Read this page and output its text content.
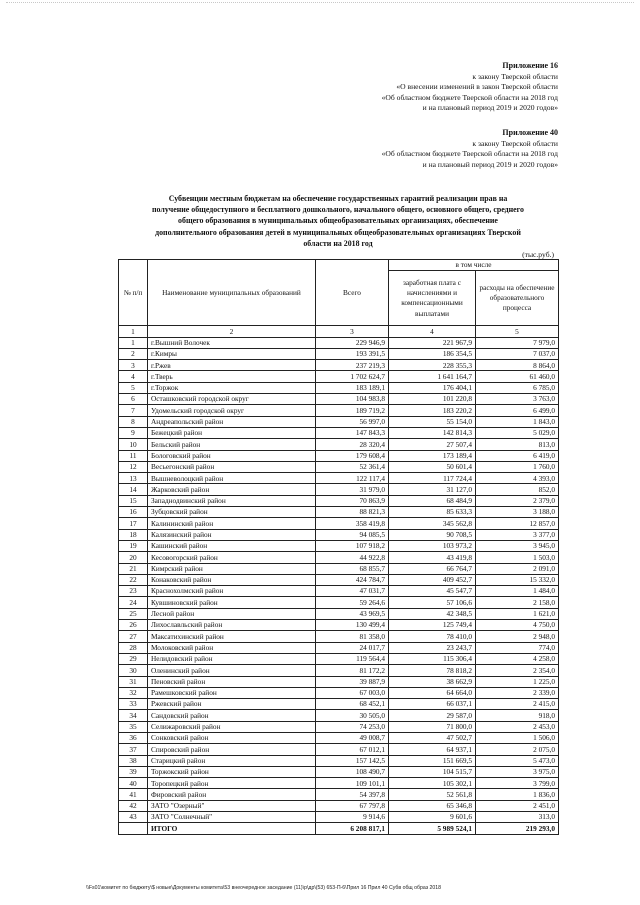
Приложение 16
к закону Тверской области
«О внесении изменений в закон Тверской области
«Об областном бюджете Тверской области на 2018 год
и на плановый период 2019 и 2020 годов»
Приложение 40
к закону Тверской области
«Об областном бюджете Тверской области на 2018 год
и на плановый период 2019 и 2020 годов»
Субвенции местным бюджетам на обеспечение государственных гарантий реализации прав на
получение общедоступного и бесплатного дошкольного, начального общего, основного общего, среднего
общего образования в муниципальных общеобразовательных организациях, обеспечение
дополнительного образования детей в муниципальных общеобразовательных организациях Тверской
области на 2018 год
(тыс.руб.)
№ п/п	Наименование муниципальных образований	Всего	в том числе	
			заработная плата с начислениями и компенсационными выплатами	расходы на обеспечение образовательного процесса
1	2	3	4	5
1	г.Вышний Волочек	229 946,9	221 967,9	7 979,0
2	г.Кимры	193 391,5	186 354,5	7 037,0
3	г.Ржев	237 219,3	228 355,3	8 864,0
4	г.Тверь	1 702 624,7	1 641 164,7	61 460,0
5	г.Торжок	183 189,1	176 404,1	6 785,0
6	Осташковский городской округ	104 983,8	101 220,8	3 763,0
7	Удомельский городской округ	189 719,2	183 220,2	6 499,0
8	Андреапольский район	56 997,0	55 154,0	1 843,0
9	Бежецкий район	147 843,3	142 814,3	5 029,0
10	Бельский район	28 320,4	27 507,4	813,0
11	Бологовский район	179 608,4	173 189,4	6 419,0
12	Весьегонский район	52 361,4	50 601,4	1 760,0
13	Вышневолоцкий район	122 117,4	117 724,4	4 393,0
14	Жарковский район	31 979,0	31 127,0	852,0
15	Западнодвинский район	70 863,9	68 484,9	2 379,0
16	Зубцовский район	88 821,3	85 633,3	3 188,0
17	Калининский район	358 419,8	345 562,8	12 857,0
18	Калязинский район	94 085,5	90 708,5	3 377,0
19	Кашинский район	107 918,2	103 973,2	3 945,0
20	Кесовогорский район	44 922,8	43 419,8	1 503,0
21	Кимрский район	68 855,7	66 764,7	2 091,0
22	Конаковский район	424 784,7	409 452,7	15 332,0
23	Краснохолмский район	47 031,7	45 547,7	1 484,0
24	Кувшиновский район	59 264,6	57 106,6	2 158,0
25	Лесной район	43 969,5	42 348,5	1 621,0
26	Лихославльский район	130 499,4	125 749,4	4 750,0
27	Максатихинский район	81 358,0	78 410,0	2 948,0
28	Молоковский район	24 017,7	23 243,7	774,0
29	Нелидовский район	119 564,4	115 306,4	4 258,0
30	Оленинский район	81 172,2	78 818,2	2 354,0
31	Пеновский район	39 887,9	38 662,9	1 225,0
32	Рамешковский район	67 003,0	64 664,0	2 339,0
33	Ржевский район	68 452,1	66 037,1	2 415,0
34	Сандовский район	30 505,0	29 587,0	918,0
35	Селижаровский район	74 253,0	71 800,0	2 453,0
36	Сонковский район	49 008,7	47 502,7	1 506,0
37	Спировский район	67 012,1	64 937,1	2 075,0
38	Старицкий район	157 142,5	151 669,5	5 473,0
39	Торжокский район	108 490,7	104 515,7	3 975,0
40	Торопецкий район	109 101,1	105 302,1	3 799,0
41	Фировский район	54 397,8	52 561,8	1 836,0
42	ЗАТО "Озерный"	67 797,8	65 346,8	2 451,0
43	ЗАТО "Солнечный"	9 914,6	9 601,6	313,0
	ИТОГО	6 208 817,1	5 989 524,1	219 293,0
\\Fs01\комитет по бюджету\$ новые\Документы комитета\53 внеочередное заседание (11)\р\др\(53) 653-П-6\Прил 16 Прил 40 Субв общ образ 2018
